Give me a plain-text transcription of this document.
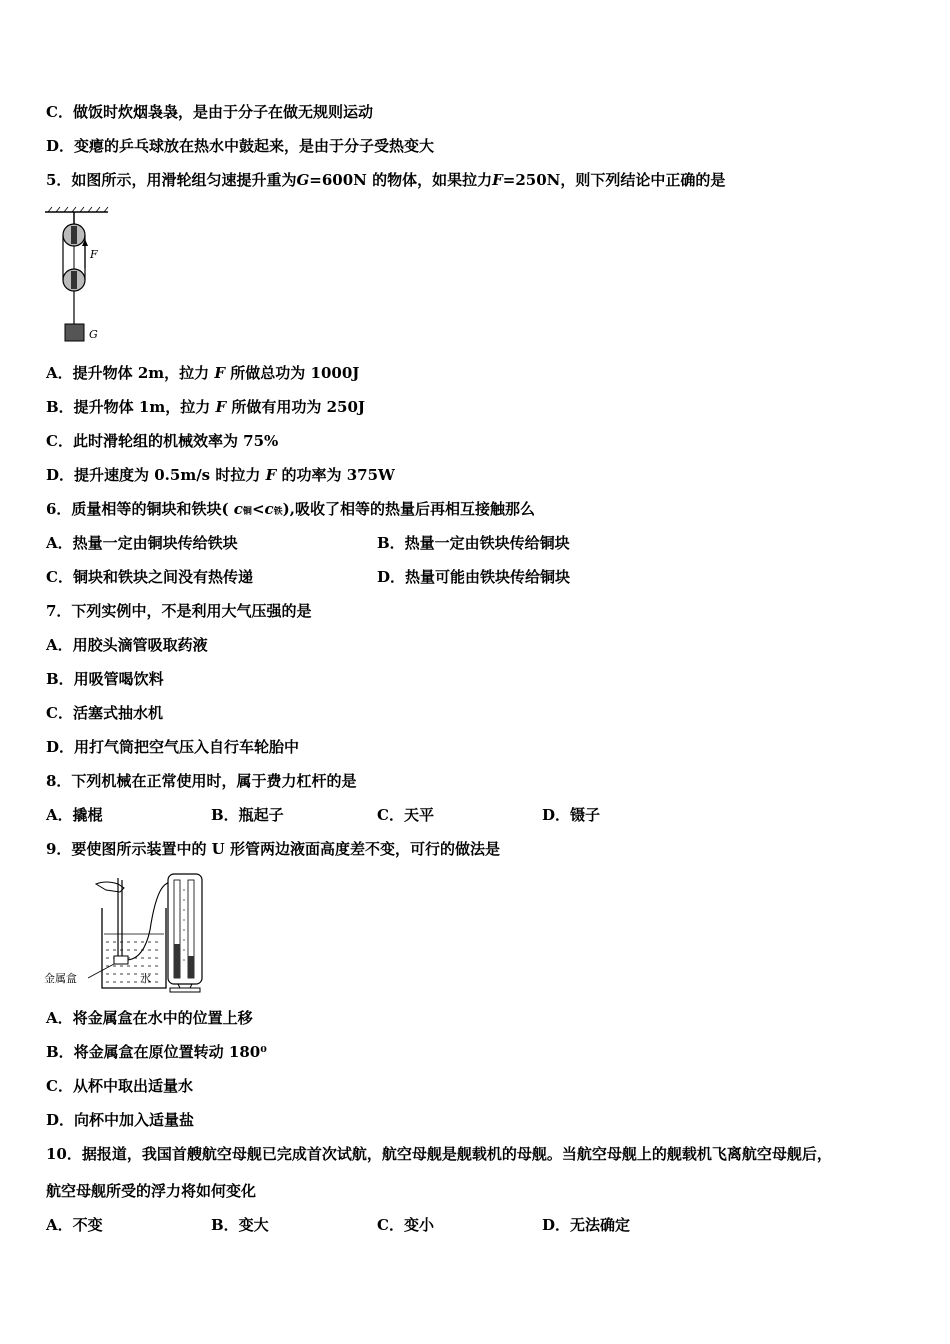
C．做饭时炊烟袅袅，是由于分子在做无规则运动
D．变瘪的乒乓球放在热水中鼓起来，是由于分子受热变大
5．如图所示，用滑轮组匀速提升重为G=600N 的物体，如果拉力F=250N，则下列结论中正确的是
F
G
A．提升物体 2m，拉力 F 所做总功为 1000J
B．提升物体 1m，拉力 F 所做有用功为 250J
C．此时滑轮组的机械效率为 75%
D．提升速度为 0.5m/s 时拉力 F 的功率为 375W
6．质量相等的铜块和铁块( c铜<c铁),吸收了相等的热量后再相互接触那么
A．热量一定由铜块传给铁块	B．热量一定由铁块传给铜块
C．铜块和铁块之间没有热传递	D．热量可能由铁块传给铜块
7．下列实例中，不是利用大气压强的是
A．用胶头滴管吸取药液
B．用吸管喝饮料
C．活塞式抽水机
D．用打气筒把空气压入自行车轮胎中
8．下列机械在正常使用时，属于费力杠杆的是
A．撬棍	B．瓶起子	C．天平	D．镊子
9．要使图所示装置中的 U 形管两边液面高度差不变，可行的做法是
金属盒	水
A．将金属盒在水中的位置上移
B．将金属盒在原位置转动 180⁰
C．从杯中取出适量水
D．向杯中加入适量盐
10．据报道，我国首艘航空母舰已完成首次试航，航空母舰是舰载机的母舰。当航空母舰上的舰载机飞离航空母舰后，
航空母舰所受的浮力将如何变化
A．不变	B．变大	C．变小	D．无法确定
